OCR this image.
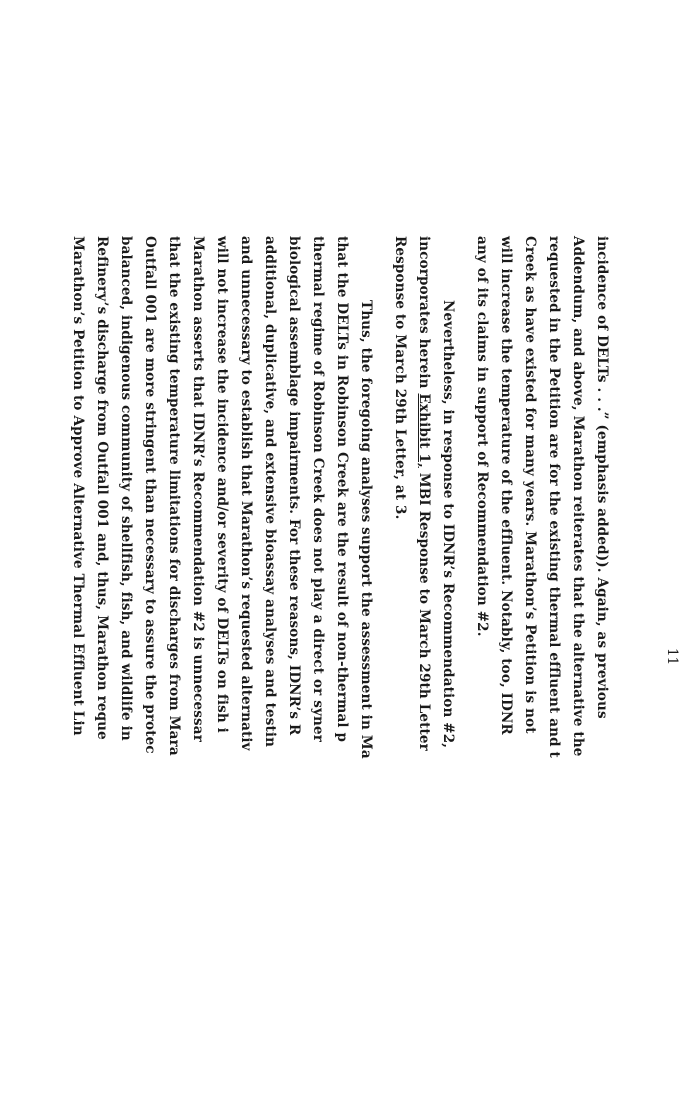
incidence of DELTs . . .” (emphasis added)). Again, as previous
Addendum, and above, Marathon reiterates that the alternative the
requested in the Petition are for the existing thermal effluent and t
Creek as have existed for many years. Marathon’s Petition is not
will increase the temperature of the effluent. Notably, too, IDNR
any of its claims in support of Recommendation #2.
Nevertheless, in response to IDNR’s Recommendation #2,
incorporates herein Exhibit 1, MBI Response to March 29th Letter
Response to March 29th Letter, at 3.
Thus, the foregoing analyses support the assessment in Ma
that the DELTs in Robinson Creek are the result of non-thermal p
thermal regime of Robinson Creek does not play a direct or syner
biological assemblage impairments. For these reasons, IDNR’s R
additional, duplicative, and extensive bioassay analyses and testin
and unnecessary to establish that Marathon’s requested alternativ
will not increase the incidence and/or severity of DELTs on fish i
Marathon asserts that IDNR’s Recommendation #2 is unnecessar
that the existing temperature limitations for discharges from Mara
Outfall 001 are more stringent than necessary to assure the protec
balanced, indigenous community of shellfish, fish, and wildlife in
Refinery’s discharge from Outfall 001 and, thus, Marathon reque
Marathon’s Petition to Approve Alternative Thermal Effluent Lin	11
